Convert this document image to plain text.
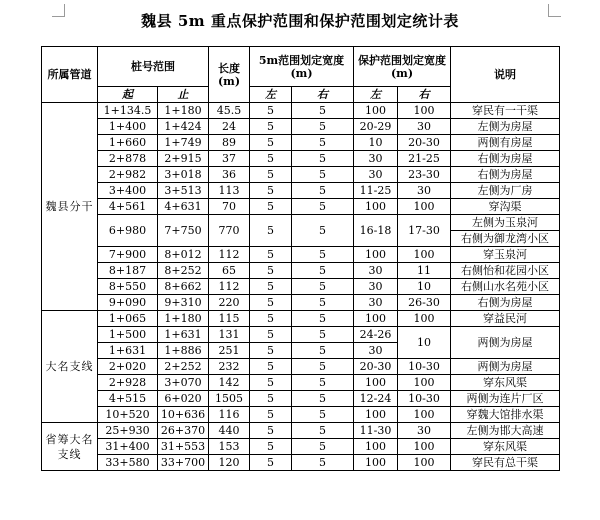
魏县 5m 重点保护范围和保护范围划定统计表
所属管道	桩号范围		长度(m)	5m范围划定宽度(m)		保护范围划定宽度(m)		说明
	起	止		左	右	左	右	
魏县分干	1+134.5	1+180	45.5	5	5	100	100	穿民有一干渠
	1+400	1+424	24	5	5	20-29	30	左侧为房屋
	1+660	1+749	89	5	5	10	20-30	两侧有房屋
	2+878	2+915	37	5	5	30	21-25	右侧为房屋
	2+982	3+018	36	5	5	30	23-30	右侧为房屋
	3+400	3+513	113	5	5	11-25	30	左侧为厂房
	4+561	4+631	70	5	5	100	100	穿沟渠
	6+980	7+750	770	5	5	16-18	17-30	左侧为玉泉河
								右侧为御龙湾小区
	7+900	8+012	112	5	5	100	100	穿玉泉河
	8+187	8+252	65	5	5	30	11	右侧怡和花园小区
	8+550	8+662	112	5	5	30	10	右侧山水名苑小区
	9+090	9+310	220	5	5	30	26-30	右侧为房屋
大名支线	1+065	1+180	115	5	5	100	100	穿益民河
	1+500	1+631	131	5	5	24-26	10	两侧为房屋
	1+631	1+886	251	5	5	30		
	2+020	2+252	232	5	5	20-30	10-30	两侧为房屋
	2+928	3+070	142	5	5	100	100	穿东风渠
	4+515	6+020	1505	5	5	12-24	10-30	两侧为连片厂区
	10+520	10+636	116	5	5	100	100	穿魏大馆排水渠
省筹大名支线	25+930	26+370	440	5	5	11-30	30	左侧为邯大高速
	31+400	31+553	153	5	5	100	100	穿东风渠
	33+580	33+700	120	5	5	100	100	穿民有总干渠
